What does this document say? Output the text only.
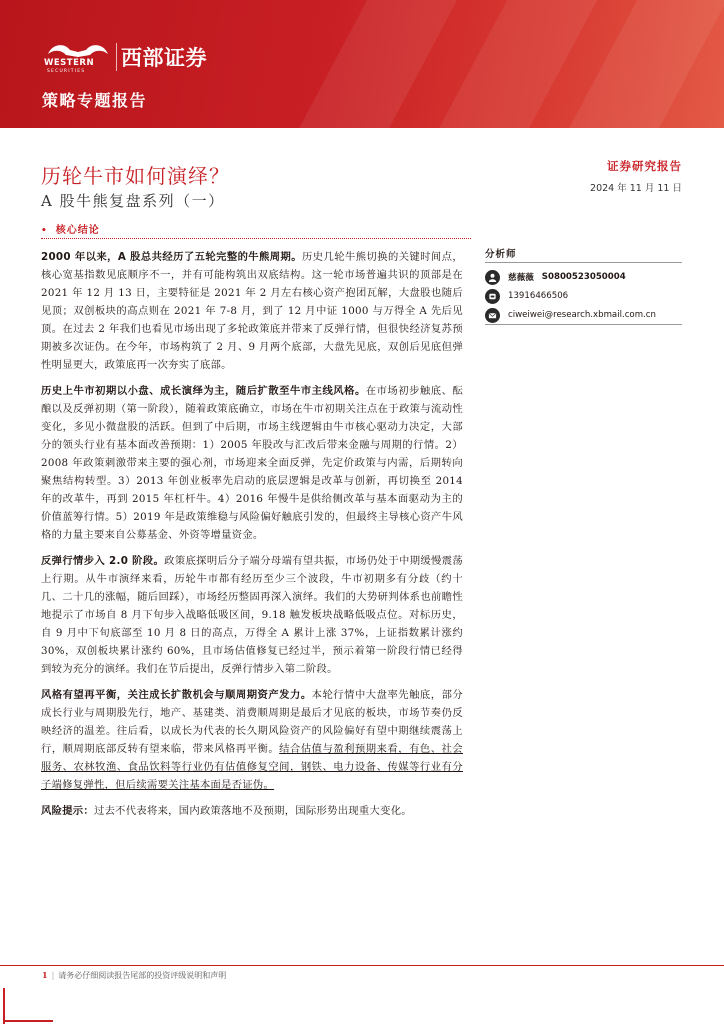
WESTERN
SECURITIES
西部证券
策略专题报告
历轮牛市如何演绎？
A 股牛熊复盘系列（一）
证券研究报告
2024 年 11 月 11 日
• 核心结论

2000 年以来，A 股总共经历了五轮完整的牛熊周期。历史几轮牛熊切换的关键时间点，核心宽基指数见底顺序不一，并有可能构筑出双底结构。这一轮市场普遍共识的顶部是在 2021 年 12 月 13 日，主要特征是 2021 年 2 月左右核心资产抱团瓦解，大盘股也随后见顶；双创板块的高点则在 2021 年 7-8 月，到了 12 月中证 1000 与万得全 A 先后见顶。在过去 2 年我们也看见市场出现了多轮政策底并带来了反弹行情，但很快经济复苏预期被多次证伪。在今年，市场构筑了 2 月、9 月两个底部，大盘先见底，双创后见底但弹性明显更大，政策底再一次夯实了底部。

历史上牛市初期以小盘、成长演绎为主，随后扩散至牛市主线风格。在市场初步触底、酝酿以及反弹初期（第一阶段），随着政策底确立，市场在牛市初期关注点在于政策与流动性变化，多见小微盘股的活跃。但到了中后期，市场主线逻辑由牛市核心驱动力决定，大部分的领头行业有基本面改善预期：1）2005 年股改与汇改后带来金融与周期的行情。2）2008 年政策刺激带来主要的强心剂，市场迎来全面反弹，先定价政策与内需，后期转向聚焦结构转型。3）2013 年创业板率先启动的底层逻辑是改革与创新，再切换至 2014 年的改革牛，再到 2015 年杠杆牛。4）2016 年慢牛是供给侧改革与基本面驱动为主的价值蓝筹行情。5）2019 年是政策维稳与风险偏好触底引发的，但最终主导核心资产牛风格的力量主要来自公募基金、外资等增量资金。

反弹行情步入 2.0 阶段。政策底探明后分子端分母端有望共振，市场仍处于中期缓慢震荡上行期。从牛市演绎来看，历轮牛市都有经历至少三个波段，牛市初期多有分歧（约十几、二十几的涨幅，随后回踩），市场经历整固再深入演绎。我们的大势研判体系也前瞻性地提示了市场自 8 月下旬步入战略低吸区间，9.18 触发板块战略低吸点位。对标历史，自 9 月中下旬底部至 10 月 8 日的高点，万得全 A 累计上涨 37%，上证指数累计涨约 30%，双创板块累计涨约 60%，且市场估值修复已经过半，预示着第一阶段行情已经得到较为充分的演绎。我们在节后提出，反弹行情步入第二阶段。

风格有望再平衡，关注成长扩散机会与顺周期资产发力。本轮行情中大盘率先触底，部分成长行业与周期股先行，地产、基建类、消费顺周期是最后才见底的板块，市场节奏仍反映经济的温差。往后看，以成长为代表的长久期风险资产的风险偏好有望中期继续震荡上行，顺周期底部反转有望来临，带来风格再平衡。结合估值与盈利预期来看，有色、社会服务、农林牧渔、食品饮料等行业仍有估值修复空间，钢铁、电力设备、传媒等行业有分子端修复弹性，但后续需要关注基本面是否证伪。

风险提示：过去不代表将来，国内政策落地不及预期，国际形势出现重大变化。

分析师
慈薇薇 S0800523050004
13916466506
ciweiwei@research.xbmail.com.cn
1 | 请务必仔细阅读报告尾部的投资评级说明和声明
